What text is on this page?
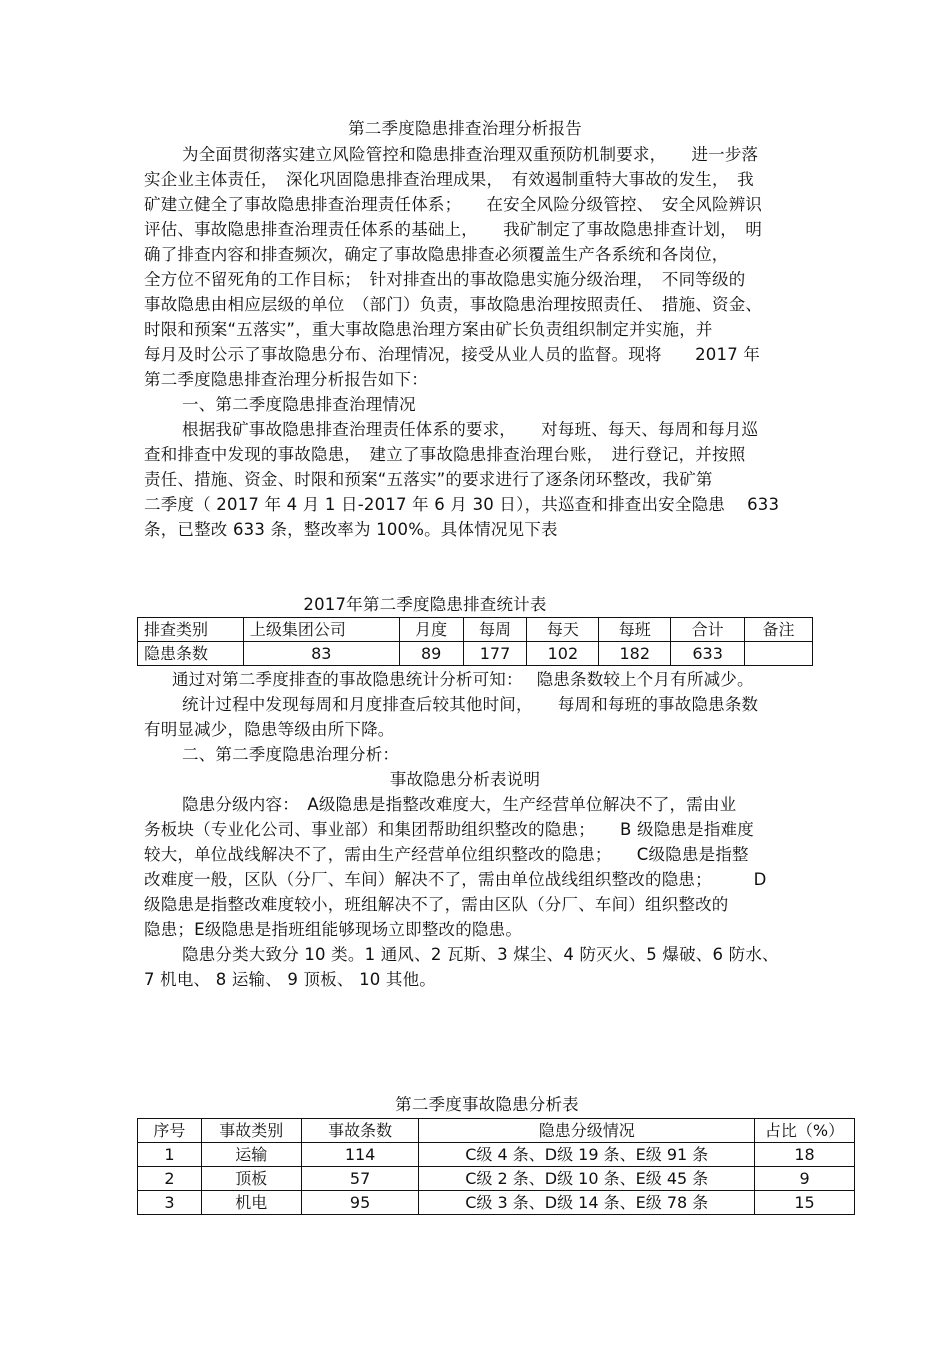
第二季度隐患排查治理分析报告
为全面贯彻落实建立风险管控和隐患排查治理双重预防机制要求，　　进一步落
实企业主体责任，　深化巩固隐患排查治理成果，　有效遏制重特大事故的发生，　我
矿建立健全了事故隐患排查治理责任体系；　　在安全风险分级管控、　安全风险辨识
评估、事故隐患排查治理责任体系的基础上，　　我矿制定了事故隐患排查计划，　明
确了排查内容和排查频次，确定了事故隐患排查必须覆盖生产各系统和各岗位，
全方位不留死角的工作目标；　针对排查出的事故隐患实施分级治理，　不同等级的
事故隐患由相应层级的单位　（部门）负责，事故隐患治理按照责任、　措施、资金、
时限和预案“五落实”，重大事故隐患治理方案由矿长负责组织制定并实施，并
每月及时公示了事故隐患分布、治理情况，接受从业人员的监督。现将　　2017 年
第二季度隐患排查治理分析报告如下：
一、第二季度隐患排查治理情况
根据我矿事故隐患排查治理责任体系的要求，　　对每班、每天、每周和每月巡
查和排查中发现的事故隐患，　建立了事故隐患排查治理台账，　进行登记，并按照
责任、措施、资金、时限和预案“五落实”的要求进行了逐条闭环整改，我矿第
二季度（ 2017 年 4 月 1 日-2017 年 6 月 30 日），共巡查和排查出安全隐患　 633
条，已整改 633 条，整改率为 100%。具体情况见下表
2017年第二季度隐患排查统计表
排查类别	上级集团公司	月度	每周	每天	每班	合计	备注
隐患条数	83	89	177	102	182	633	
通过对第二季度排查的事故隐患统计分析可知：　 隐患条数较上个月有所减少。
统计过程中发现每周和月度排查后较其他时间，　　每周和每班的事故隐患条数
有明显减少，隐患等级由所下降。
二、第二季度隐患治理分析：
事故隐患分析表说明
隐患分级内容：　A级隐患是指整改难度大，生产经营单位解决不了，需由业
务板块（专业化公司、事业部）和集团帮助组织整改的隐患；　　B 级隐患是指难度
较大，单位战线解决不了，需由生产经营单位组织整改的隐患；　　C级隐患是指整
改难度一般，区队（分厂、车间）解决不了，需由单位战线组织整改的隐患；　　　D
级隐患是指整改难度较小，班组解决不了，需由区队（分厂、车间）组织整改的
隐患；E级隐患是指班组能够现场立即整改的隐患。
隐患分类大致分 10 类。1 通风、2 瓦斯、3 煤尘、4 防灭火、5 爆破、6 防水、
7 机电、 8 运输、 9 顶板、 10 其他。
第二季度事故隐患分析表
序号	事故类别	事故条数	隐患分级情况	占比（%）
1	运输	114	C级 4 条、D级 19 条、E级 91 条	18
2	顶板	57	C级 2 条、D级 10 条、E级 45 条	9
3	机电	95	C级 3 条、D级 14 条、E级 78 条	15
